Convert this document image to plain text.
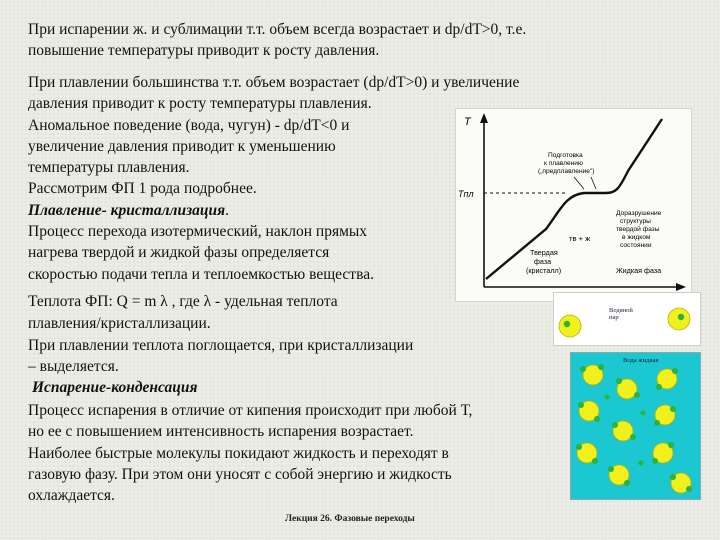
При испарении ж. и сублимации т.т. объем всегда возрастает и dp/dT>0, т.е.
повышение температуры приводит к росту давления.
При плавлении большинства т.т. объем возрастает (dp/dT>0) и увеличение
давления приводит к росту температуры плавления.
Аномальное поведение (вода, чугун) - dp/dT<0 и
увеличение давления приводит к уменьшению
температуры плавления.
Рассмотрим ФП 1 рода подробнее.
Плавление- кристаллизация.
Процесс перехода изотермический, наклон прямых
нагрева твердой и жидкой фазы определяется
скоростью подачи тепла и теплоемкостью вещества.
Теплота ФП: Q = m λ , где λ - удельная теплота
плавления/кристаллизации.
При плавлении теплота поглощается, при кристаллизации
– выделяется.
Испарение-конденсация
Процесс испарения в отличие от кипения происходит при любой Т,
но ее с повышением интенсивность испарения возрастает.
Наиболее быстрые молекулы покидают жидкость и переходят в
газовую фазу. При этом они уносят с собой энергию и жидкость
охлаждается.
T
Tпл
Подготовка
к плавлению
(„предплавление")
Доразрушение
структуры
твердой фазы
в жидком
состоянии
Твердая
фаза
(кристалл)
тв + ж
Жидкая фаза
Водяной пар
Вода жидкая
Лекция 26. Фазовые переходы
